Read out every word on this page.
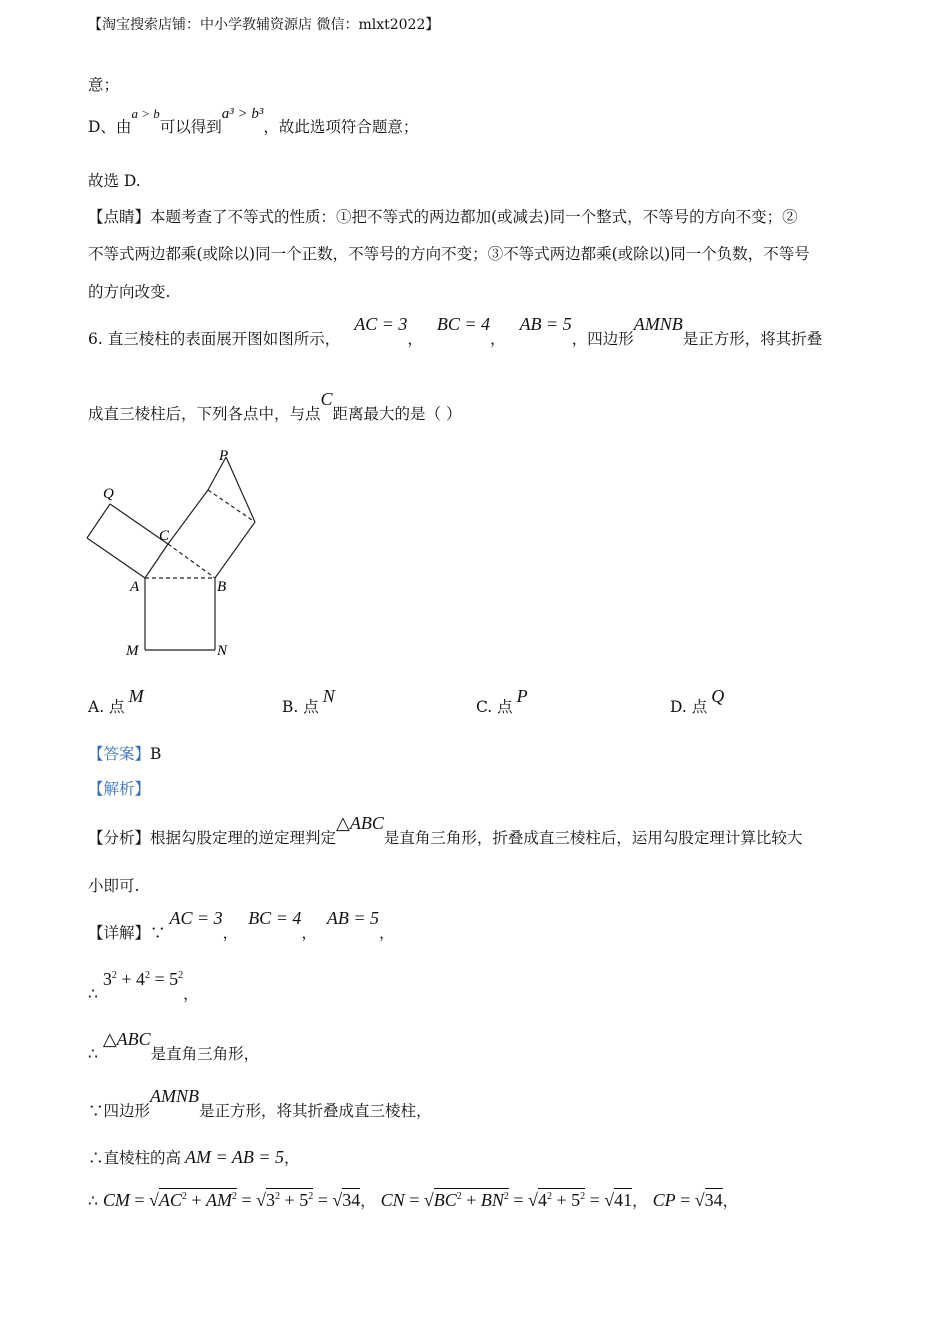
【淘宝搜索店铺：中小学教辅资源店 微信：mlxt2022】
意；
D、由$^{a > b}$可以得到a³ > b³，故此选项符合题意；
故选 D.
【点睛】本题考查了不等式的性质：①把不等式的两边都加(或减去)同一个整式，不等号的方向不变；②
不等式两边都乘(或除以)同一个正数，不等号的方向不变；③不等式两边都乘(或除以)同一个负数，不等号
的方向改变.
6. 直三棱柱的表面展开图如图所示，AC = 3，BC = 4，AB = 5，四边形AMNB是正方形，将其折叠
成直三棱柱后，下列各点中，与点C距离最大的是（ ）
P
Q
C
A	B
M	N
A. 点M
B. 点N
C. 点P
D. 点Q
【答案】B
【解析】
【分析】根据勾股定理的逆定理判定△ABC是直角三角形，折叠成直三棱柱后，运用勾股定理计算比较大
小即可.
【详解】∵AC = 3，BC = 4，AB = 5，
∴ $3^2 + 4^2 = 5^2$，
∴ △ABC是直角三角形，
∵四边形AMNB是正方形，将其折叠成直三棱柱，
∴直棱柱的高 AM = AB = 5，
∴ CM = $√AC^2 + AM^2 = √3^2 + 5^2 = √34$， CN = $√BC^2 + BN^2 = √4^2 + 5^2 = √41$， CP = √34，
